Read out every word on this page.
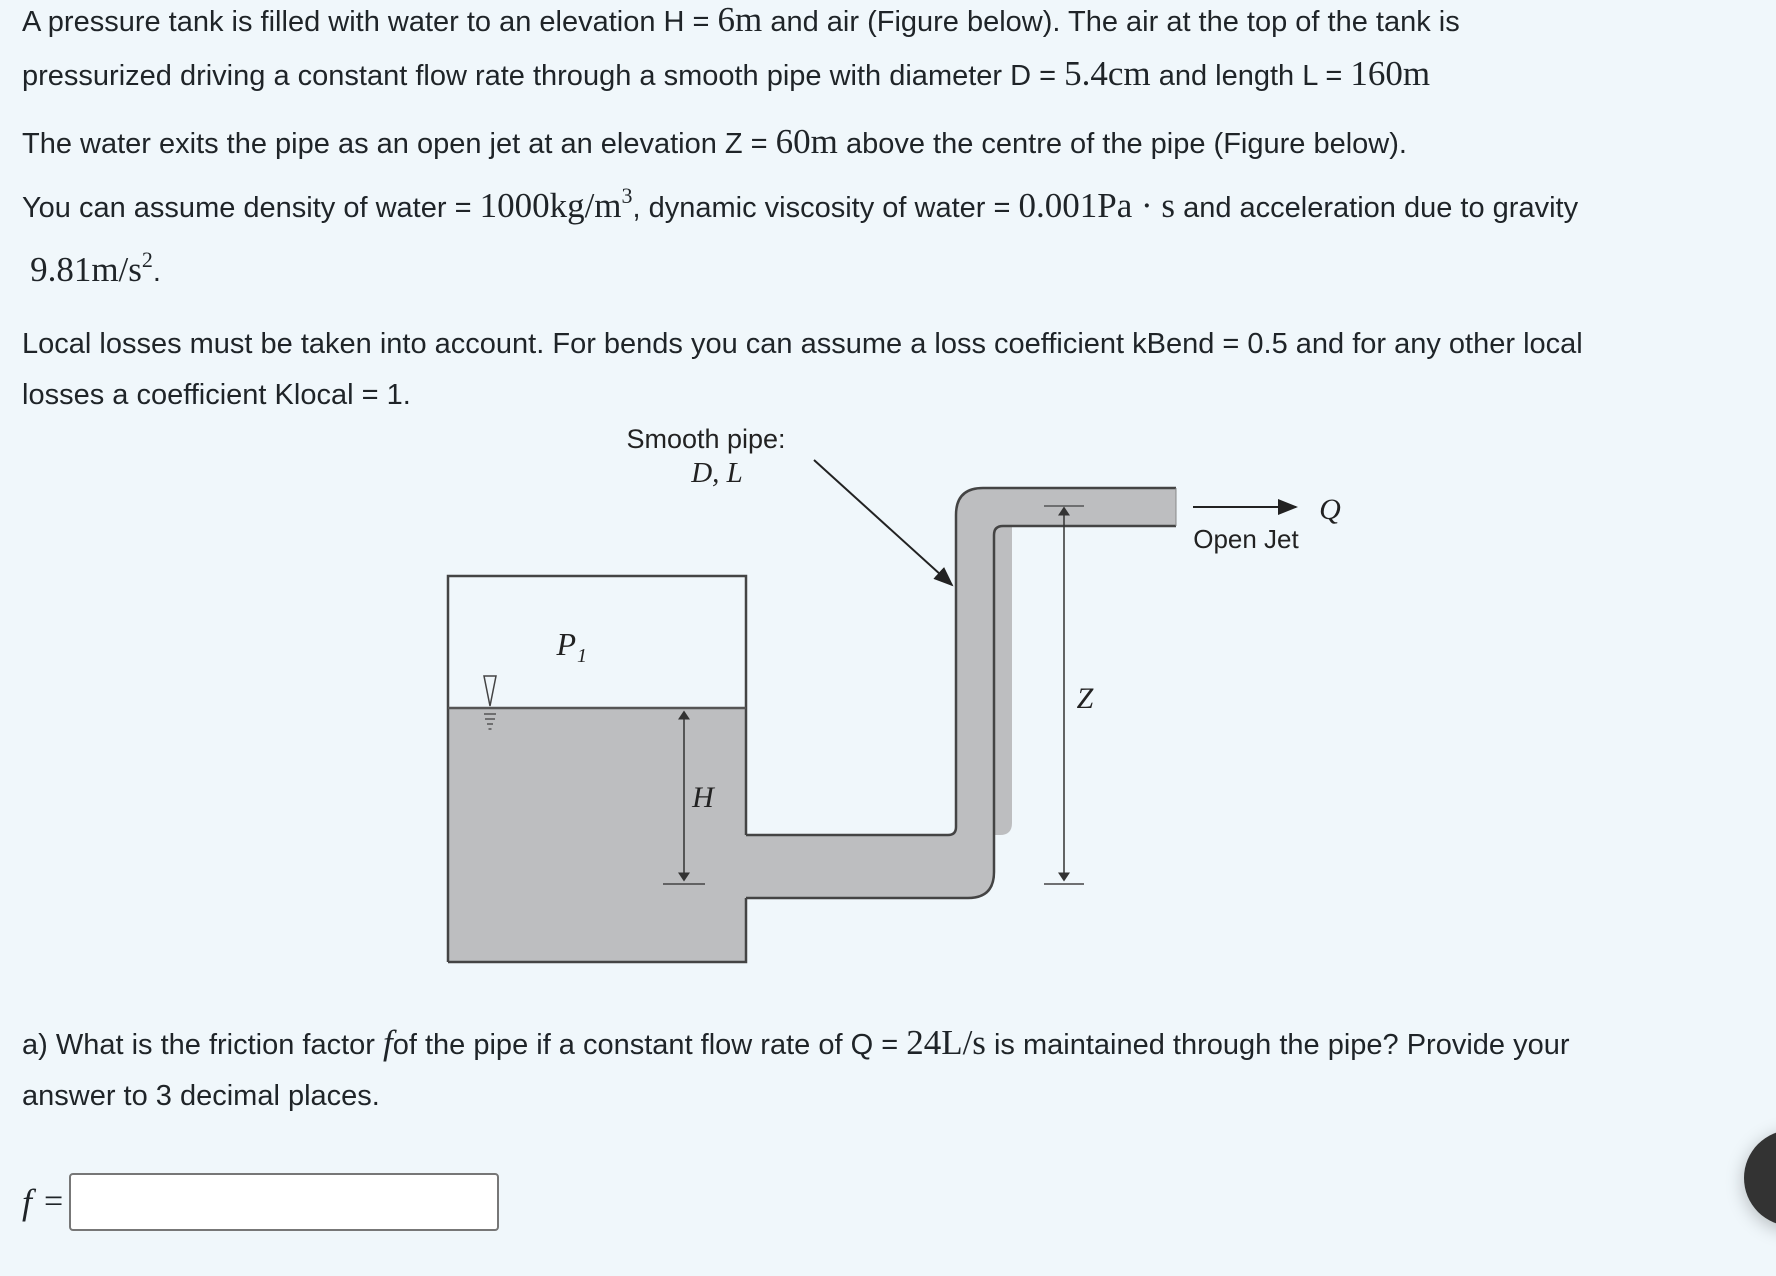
A pressure tank is filled with water to an elevation H = 6m and air (Figure below). The air at the top of the tank is
pressurized driving a constant flow rate through a smooth pipe with diameter D = 5.4cm and length L = 160m
The water exits the pipe as an open jet at an elevation Z = 60m above the centre of the pipe (Figure below).
You can assume density of water = $1000kg/m^3$, dynamic viscosity of water = 0.001Pa · s and acceleration due to gravity
$9.81m/s^2$.
Local losses must be taken into account. For bends you can assume a loss coefficient kBend = 0.5 and for any other local
losses a coefficient Klocal = 1.
H
P 1
Z
Smooth pipe:
D, L
Q
Open Jet
a) What is the friction factor fof the pipe if a constant flow rate of Q = 24L/s is maintained through the pipe? Provide your
answer to 3 decimal places.
f =
